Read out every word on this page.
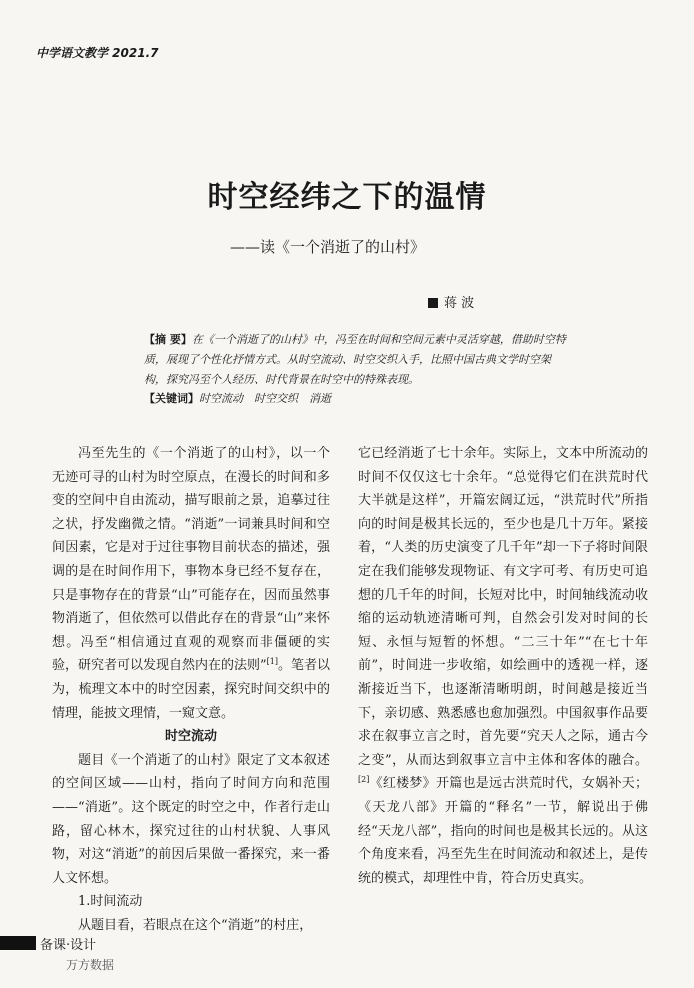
中学语文教学 2021.7
时空经纬之下的温情
——读《一个消逝了的山村》
蒋 波
【摘 要】在《一个消逝了的山村》中，冯至在时间和空间元素中灵活穿越，借助时空特质，展现了个性化抒情方式。从时空流动、时空交织入手，比照中国古典文学时空架构，探究冯至个人经历、时代背景在时空中的特殊表现。
【关键词】时空流动　时空交织　消逝

冯至先生的《一个消逝了的山村》，以一个无迹可寻的山村为时空原点，在漫长的时间和多变的空间中自由流动，描写眼前之景，追摹过往之状，抒发幽微之情。“消逝”一词兼具时间和空间因素，它是对于过往事物目前状态的描述，强调的是在时间作用下，事物本身已经不复存在，只是事物存在的背景“山”可能存在，因而虽然事物消逝了，但依然可以借此存在的背景“山”来怀想。冯至“相信通过直观的观察而非僵硬的实验，研究者可以发现自然内在的法则”[1]。笔者以为，梳理文本中的时空因素，探究时间交织中的情理，能披文理情，一窥文意。

时空流动

题目《一个消逝了的山村》限定了文本叙述的空间区域——山村，指向了时间方向和范围——“消逝”。这个既定的时空之中，作者行走山路，留心林木，探究过往的山村状貌、人事风物，对这“消逝”的前因后果做一番探究，来一番人文怀想。

1.时间流动

从题目看，若眼点在这个“消逝”的村庄，

它已经消逝了七十余年。实际上，文本中所流动的时间不仅仅这七十余年。“总觉得它们在洪荒时代大半就是这样”，开篇宏阔辽远，“洪荒时代”所指向的时间是极其长远的，至少也是几十万年。紧接着，“人类的历史演变了几千年”却一下子将时间限定在我们能够发现物证、有文字可考、有历史可追想的几千年的时间，长短对比中，时间轴线流动收缩的运动轨迹清晰可判，自然会引发对时间的长短、永恒与短暂的怀想。“二三十年”“在七十年前”，时间进一步收缩，如绘画中的透视一样，逐渐接近当下，也逐渐清晰明朗，时间越是接近当下，亲切感、熟悉感也愈加强烈。中国叙事作品要求在叙事立言之时，首先要“究天人之际，通古今之变”，从而达到叙事立言中主体和客体的融合。[2]《红楼梦》开篇也是远古洪荒时代，女娲补天；《天龙八部》开篇的“释名”一节，解说出于佛经“天龙八部”，指向的时间也是极其长远的。从这个角度来看，冯至先生在时间流动和叙述上，是传统的模式，却理性中肯，符合历史真实。

备课·设计
万方数据
